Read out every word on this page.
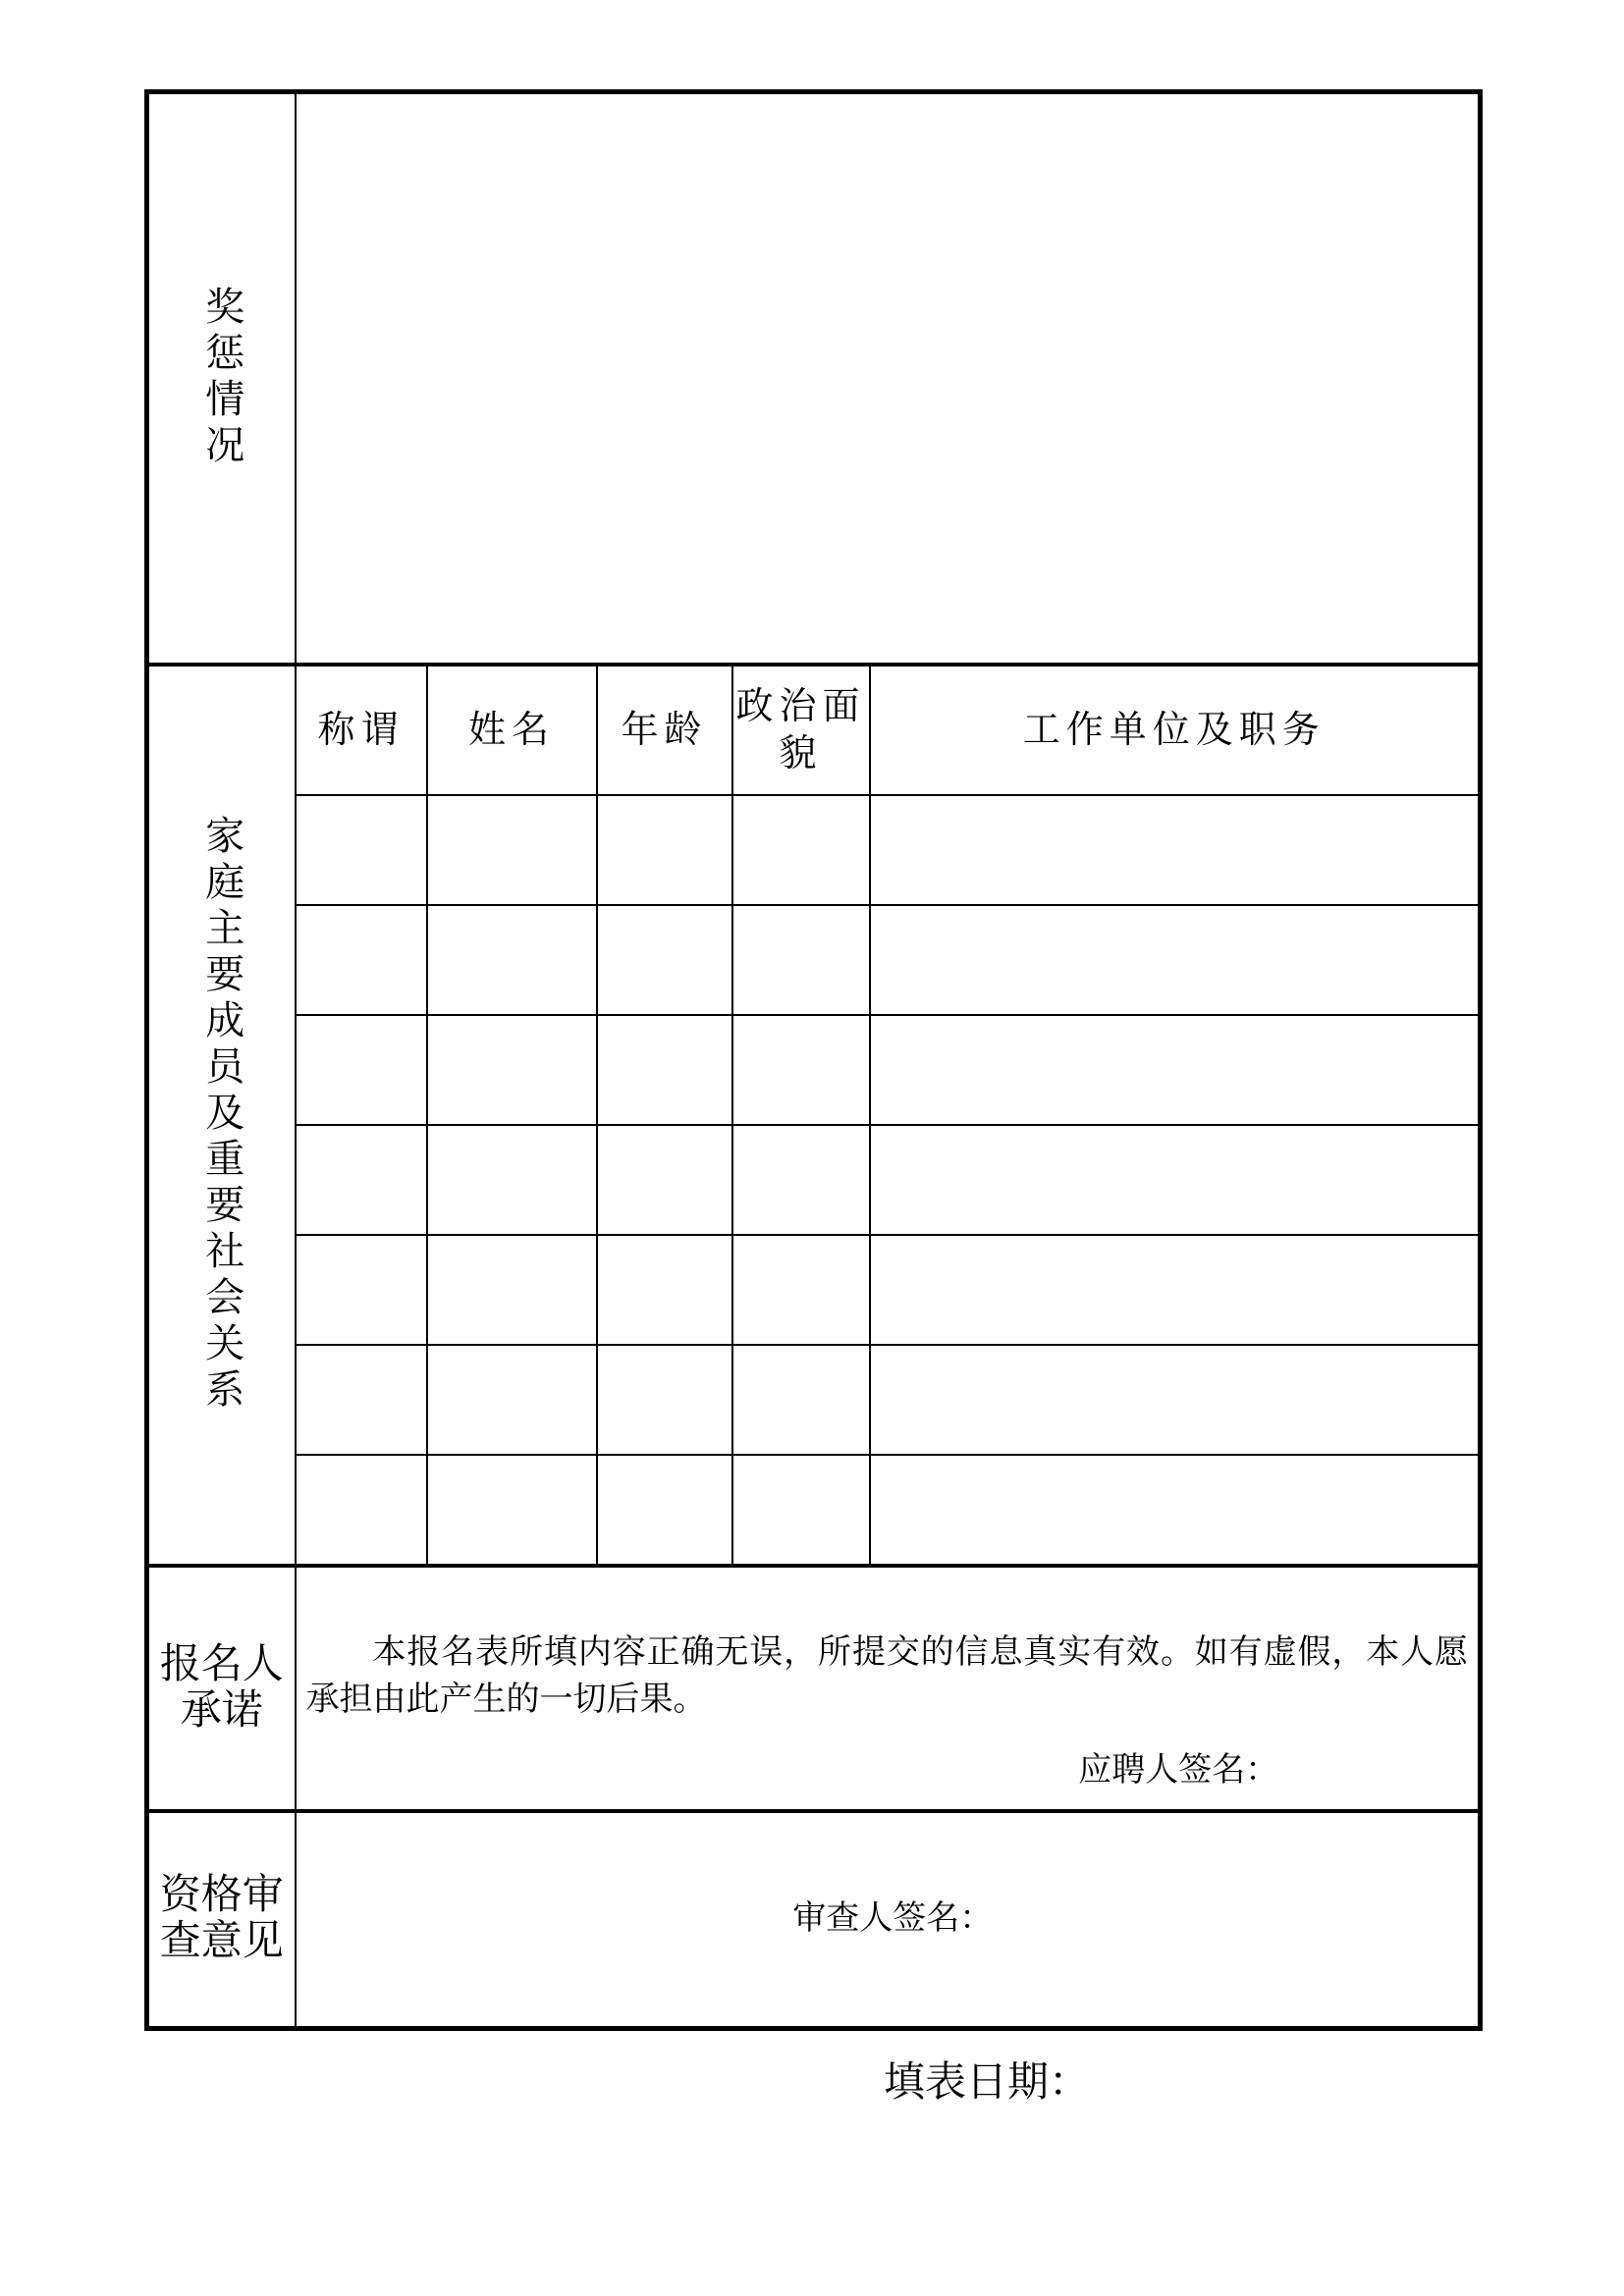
奖惩情况					

家庭主要成员及重要社会关系	称谓	姓名	年龄	政治面貌	工作单位及职务

报名人
承诺	本报名表所填内容正确无误，所提交的信息真实有效。如有虚假，本人愿承担由此产生的一切后果。

应聘人签名：				

资格审
查意见	审查人签名：				
填表日期：
